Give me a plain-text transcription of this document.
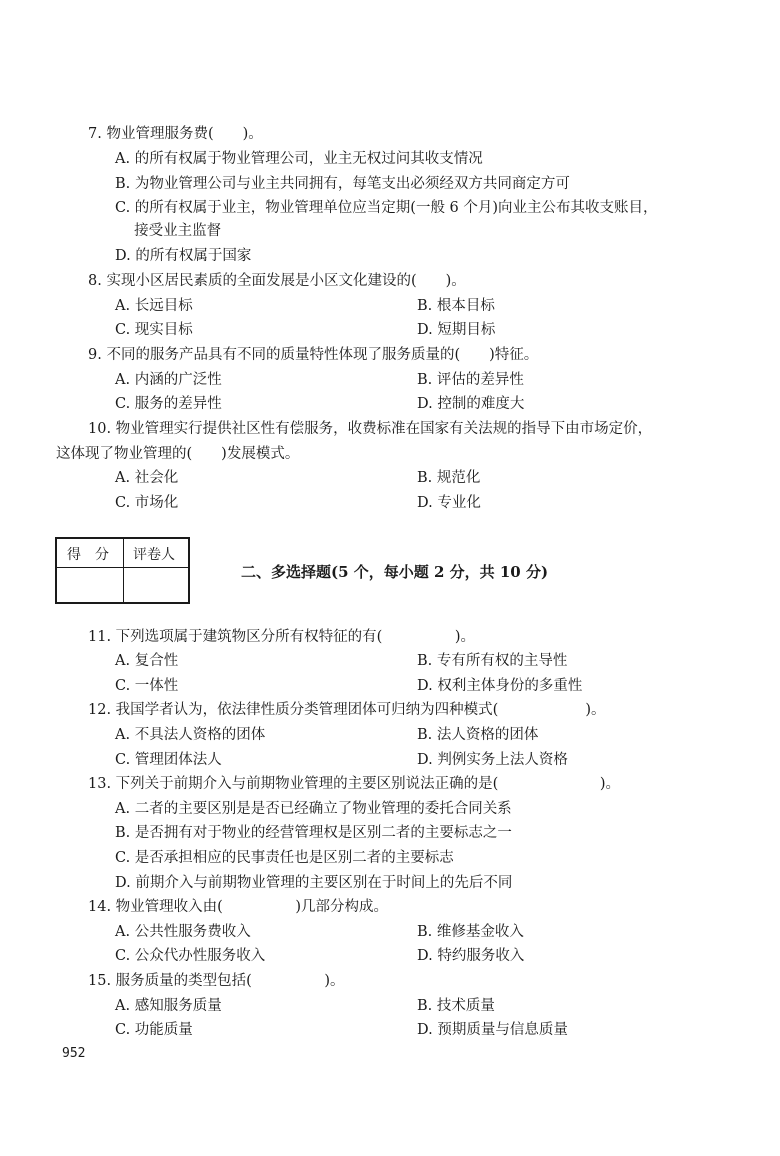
7. 物业管理服务费(　　)。
A. 的所有权属于物业管理公司，业主无权过问其收支情况
B. 为物业管理公司与业主共同拥有，每笔支出必须经双方共同商定方可
C. 的所有权属于业主，物业管理单位应当定期(一般 6 个月)向业主公布其收支账目，
　 接受业主监督
D. 的所有权属于国家
8. 实现小区居民素质的全面发展是小区文化建设的(　　)。
A. 长远目标	B. 根本目标
C. 现实目标	D. 短期目标
9. 不同的服务产品具有不同的质量特性体现了服务质量的(　　)特征。
A. 内涵的广泛性	B. 评估的差异性
C. 服务的差异性	D. 控制的难度大
10. 物业管理实行提供社区性有偿服务，收费标准在国家有关法规的指导下由市场定价，
这体现了物业管理的(　　)发展模式。
A. 社会化	B. 规范化
C. 市场化	D. 专业化
得　分 评卷人
二、多选择题(5 个，每小题 2 分，共 10 分)
11. 下列选项属于建筑物区分所有权特征的有(　　　　　)。
A. 复合性	B. 专有所有权的主导性
C. 一体性	D. 权利主体身份的多重性
12. 我国学者认为，依法律性质分类管理团体可归纳为四种模式(　　　　　　)。
A. 不具法人资格的团体	B. 法人资格的团体
C. 管理团体法人	D. 判例实务上法人资格
13. 下列关于前期介入与前期物业管理的主要区别说法正确的是(　　　　　　　)。
A. 二者的主要区别是是否已经确立了物业管理的委托合同关系
B. 是否拥有对于物业的经营管理权是区别二者的主要标志之一
C. 是否承担相应的民事责任也是区别二者的主要标志
D. 前期介入与前期物业管理的主要区别在于时间上的先后不同
14. 物业管理收入由(　　　　　)几部分构成。
A. 公共性服务费收入	B. 维修基金收入
C. 公众代办性服务收入	D. 特约服务收入
15. 服务质量的类型包括(　　　　　)。
A. 感知服务质量	B. 技术质量
C. 功能质量	D. 预期质量与信息质量
952
